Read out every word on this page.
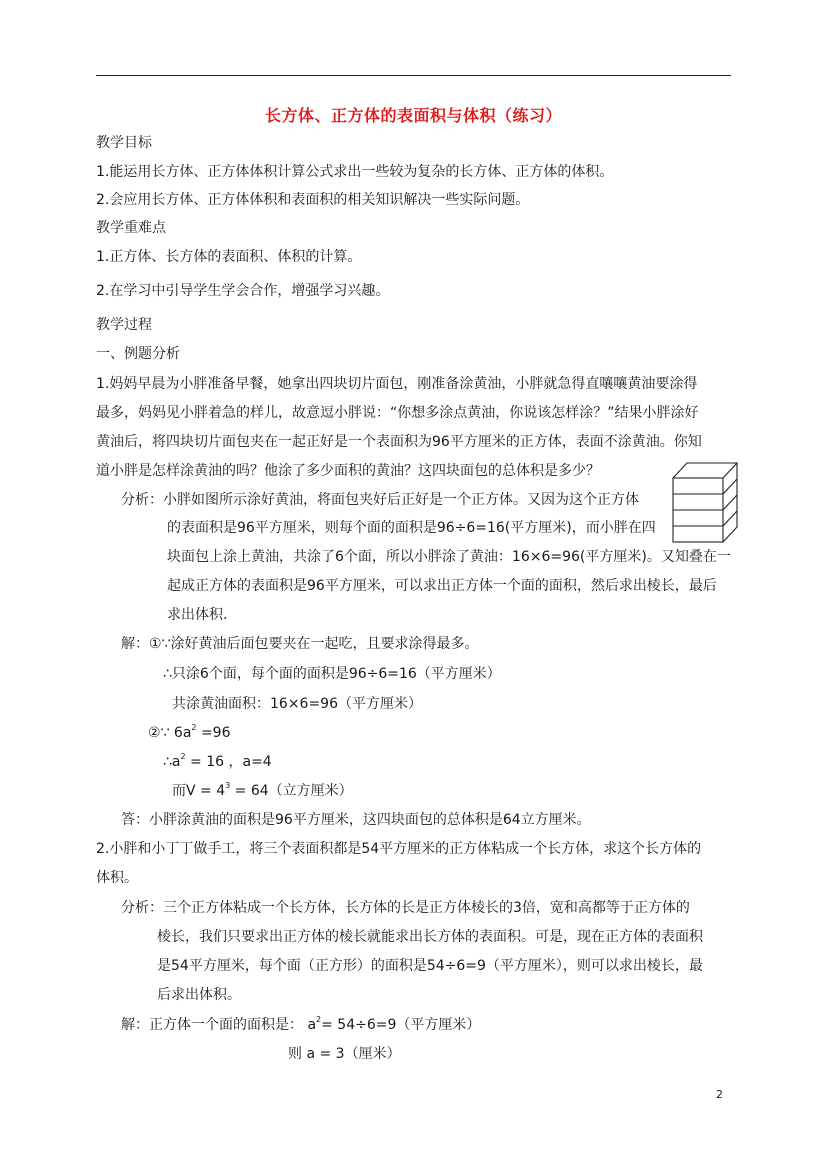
长方体、正方体的表面积与体积（练习）
教学目标
1.能运用长方体、正方体体积计算公式求出一些较为复杂的长方体、正方体的体积。
2.会应用长方体、正方体体积和表面积的相关知识解决一些实际问题。
教学重难点
1.正方体、长方体的表面积、体积的计算。
2.在学习中引导学生学会合作，增强学习兴趣。
教学过程
一、例题分析
1.妈妈早晨为小胖准备早餐，她拿出四块切片面包，刚准备涂黄油，小胖就急得直嚷嚷黄油要涂得
最多，妈妈见小胖着急的样儿，故意逗小胖说：“你想多涂点黄油，你说该怎样涂？”结果小胖涂好
黄油后，将四块切片面包夹在一起正好是一个表面积为96平方厘米的正方体，表面不涂黄油。你知
道小胖是怎样涂黄油的吗？他涂了多少面积的黄油？这四块面包的总体积是多少？
分析：小胖如图所示涂好黄油，将面包夹好后正好是一个正方体。又因为这个正方体
的表面积是96平方厘米，则每个面的面积是96÷6=16(平方厘米)，而小胖在四
块面包上涂上黄油，共涂了6个面，所以小胖涂了黄油：16×6=96(平方厘米)。又知叠在一
起成正方体的表面积是96平方厘米，可以求出正方体一个面的面积，然后求出棱长，最后
求出体积.
解：①∵涂好黄油后面包要夹在一起吃，且要求涂得最多。
∴只涂6个面，每个面的面积是96÷6=16（平方厘米）
共涂黄油面积：16×6=96（平方厘米）
②∵ $6a^2 =96$
$\therefore a^2 = 16$ ，a=4
而$V = 4^3 = 64$（立方厘米）
答：小胖涂黄油的面积是96平方厘米，这四块面包的总体积是64立方厘米。
2.小胖和小丁丁做手工，将三个表面积都是54平方厘米的正方体粘成一个长方体，求这个长方体的
体积。
分析：三个正方体粘成一个长方体，长方体的长是正方体棱长的3倍，宽和高都等于正方体的
棱长，我们只要求出正方体的棱长就能求出长方体的表面积。可是，现在正方体的表面积
是54平方厘米，每个面（正方形）的面积是54÷6=9（平方厘米），则可以求出棱长，最
后求出体积。
解：正方体一个面的面积是： $a^2= 54\div 6=9$（平方厘米）
则 a = 3（厘米）
2
